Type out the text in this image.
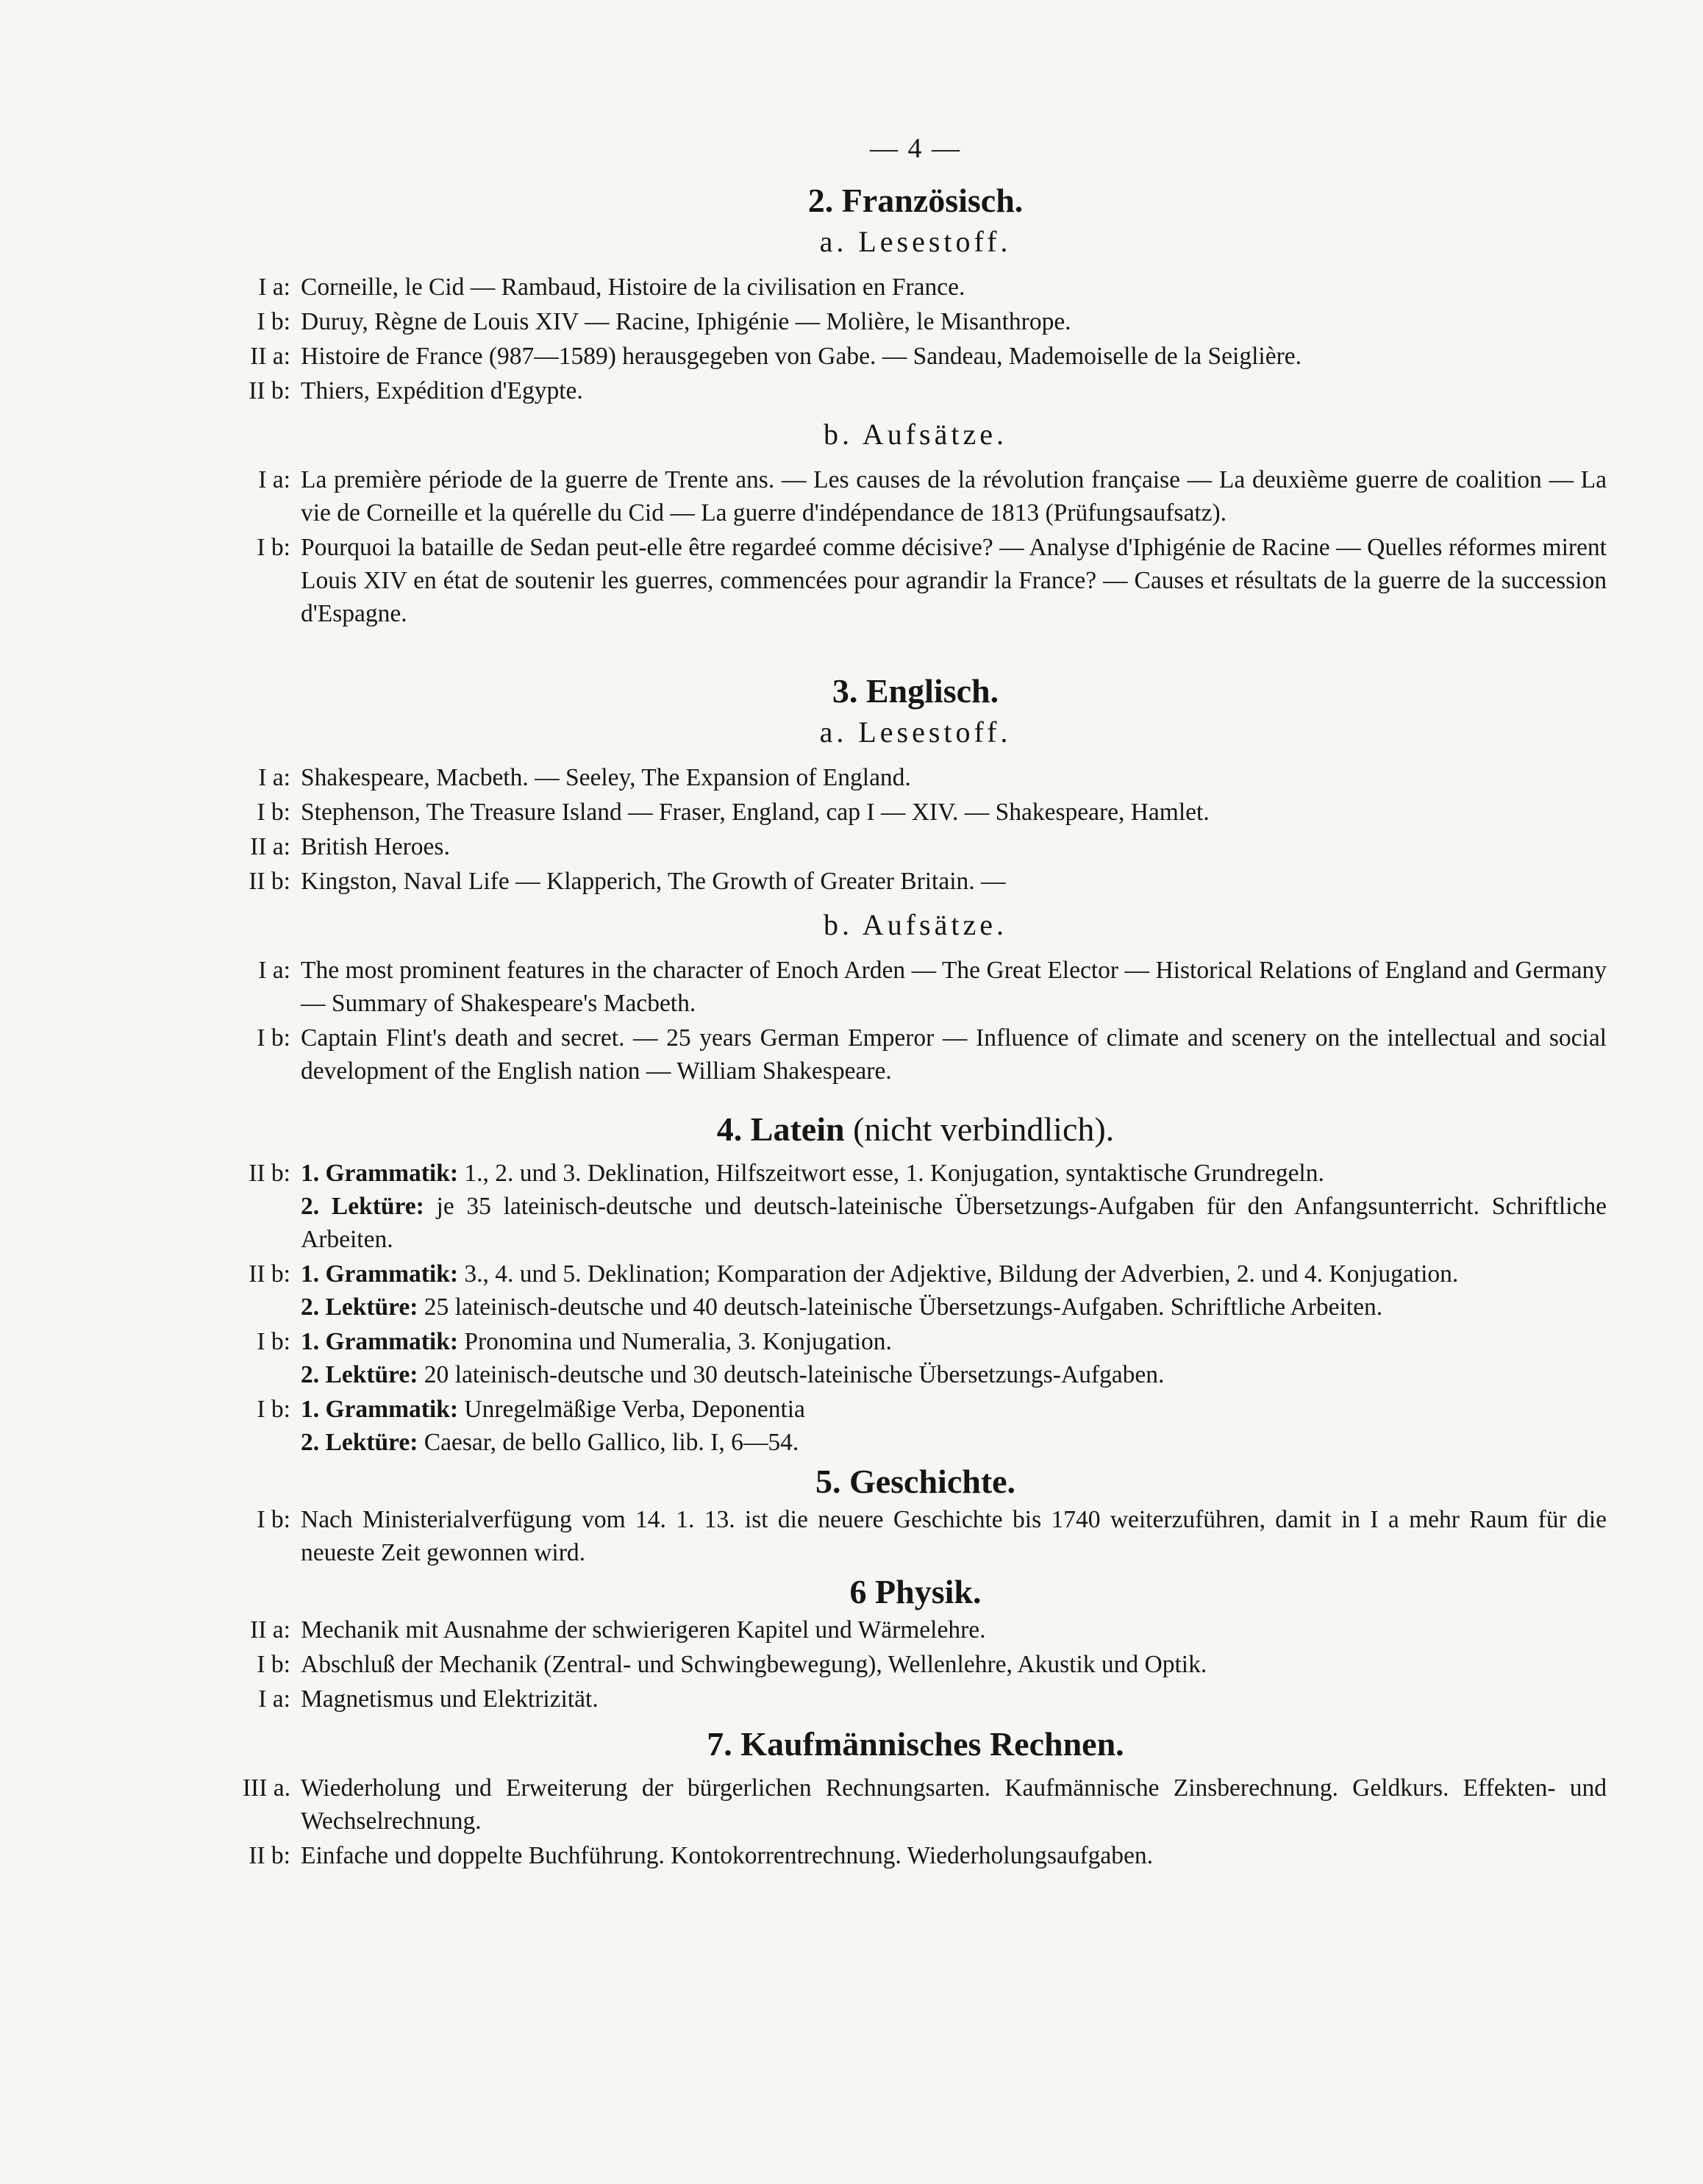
— 4 —
2. Französisch.
a. Lesestoff.
I a: Corneille, le Cid — Rambaud, Histoire de la civilisation en France.
I b: Duruy, Règne de Louis XIV — Racine, Iphigénie — Molière, le Misanthrope.
II a: Histoire de France (987—1589) herausgegeben von Gabe. — Sandeau, Mademoiselle de la Seiglière.
II b: Thiers, Expédition d'Egypte.
b. Aufsätze.
I a: La première période de la guerre de Trente ans. — Les causes de la révolution française — La deuxième guerre de coalition — La vie de Corneille et la quérelle du Cid — La guerre d'indépendance de 1813 (Prüfungsaufsatz).
I b: Pourquoi la bataille de Sedan peut-elle être regardeé comme décisive? — Analyse d'Iphigénie de Racine — Quelles réformes mirent Louis XIV en état de soutenir les guerres, commencées pour agrandir la France? — Causes et résultats de la guerre de la succession d'Espagne.
3. Englisch.
a. Lesestoff.
I a: Shakespeare, Macbeth. — Seeley, The Expansion of England.
I b: Stephenson, The Treasure Island — Fraser, England, cap I — XIV. — Shakespeare, Hamlet.
II a: British Heroes.
II b: Kingston, Naval Life — Klapperich, The Growth of Greater Britain. —
b. Aufsätze.
I a: The most prominent features in the character of Enoch Arden — The Great Elector — Historical Relations of England and Germany — Summary of Shakespeare's Macbeth.
I b: Captain Flint's death and secret. — 25 years German Emperor — Influence of climate and scenery on the intellectual and social development of the English nation — William Shakespeare.
4. Latein (nicht verbindlich).
II b: 1. Grammatik: 1., 2. und 3. Deklination, Hilfszeitwort esse, 1. Konjugation, syntaktische Grundregeln.
2. Lektüre: je 35 lateinisch-deutsche und deutsch-lateinische Übersetzungs-Aufgaben für den Anfangsunterricht. Schriftliche Arbeiten.
II b: 1. Grammatik: 3., 4. und 5. Deklination; Komparation der Adjektive, Bildung der Adverbien, 2. und 4. Konjugation.
2. Lektüre: 25 lateinisch-deutsche und 40 deutsch-lateinische Übersetzungs-Aufgaben. Schriftliche Arbeiten.
I b: 1. Grammatik: Pronomina und Numeralia, 3. Konjugation.
2. Lektüre: 20 lateinisch-deutsche und 30 deutsch-lateinische Übersetzungs-Aufgaben.
I b: 1. Grammatik: Unregelmäßige Verba, Deponentia
2. Lektüre: Caesar, de bello Gallico, lib. I, 6—54.
5. Geschichte.
I b: Nach Ministerialverfügung vom 14. 1. 13. ist die neuere Geschichte bis 1740 weiterzuführen, damit in I a mehr Raum für die neueste Zeit gewonnen wird.
6 Physik.
II a: Mechanik mit Ausnahme der schwierigeren Kapitel und Wärmelehre.
I b: Abschluß der Mechanik (Zentral- und Schwingbewegung), Wellenlehre, Akustik und Optik.
I a: Magnetismus und Elektrizität.
7. Kaufmännisches Rechnen.
III a. Wiederholung und Erweiterung der bürgerlichen Rechnungsarten. Kaufmännische Zinsberechnung. Geldkurs. Effekten- und Wechselrechnung.
II b: Einfache und doppelte Buchführung. Kontokorrentrechnung. Wiederholungsaufgaben.
